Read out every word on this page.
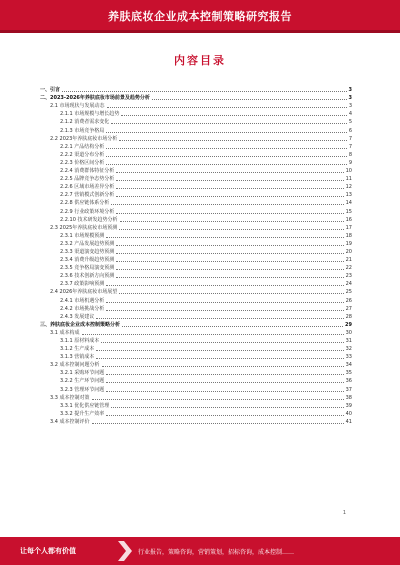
养肤底妆企业成本控制策略研究报告
内容目录
一、引言	3
二、2023-2026年养肤底妆市场前景及趋势分析	3
2.1 市场现状与发展动态	3
2.1.1 市场规模与增长趋势	4
2.1.2 消费者需求变化	5
2.1.3 市场竞争格局	6
2.2 2023年养肤底妆市场分析	7
2.2.1 产品结构分析	7
2.2.2 渠道分布分析	8
2.2.3 价格区间分析	9
2.2.4 消费群体特征分析	10
2.2.5 品牌竞争态势分析	11
2.2.6 区域市场差异分析	12
2.2.7 营销模式创新分析	13
2.2.8 供应链体系分析	14
2.2.9 行业政策环境分析	15
2.2.10 技术研发趋势分析	16
2.3 2025年养肤底妆市场预测	17
2.3.1 市场规模预测	18
2.3.2 产品发展趋势预测	19
2.3.3 渠道演变趋势预测	20
2.3.4 消费升级趋势预测	21
2.3.5 竞争格局演变预测	22
2.3.6 技术创新方向预测	23
2.3.7 政策影响预测	24
2.4 2026年养肤底妆市场展望	25
2.4.1 市场机遇分析	26
2.4.2 市场挑战分析	27
2.4.3 发展建议	28
三、养肤底妆企业成本控制策略分析	29
3.1 成本构成	30
3.1.1 原材料成本	31
3.1.2 生产成本	32
3.1.3 营销成本	33
3.2 成本控制问题分析	34
3.2.1 采购环节问题	35
3.2.2 生产环节问题	36
3.2.3 管理环节问题	37
3.3 成本控制对策	38
3.3.1 优化供应链管理	39
3.3.2 提升生产效率	40
3.4 成本控制评价	41
1
让每个人都有价值	行业报告，策略咨询，营销策划，招标咨询，成本控制……
